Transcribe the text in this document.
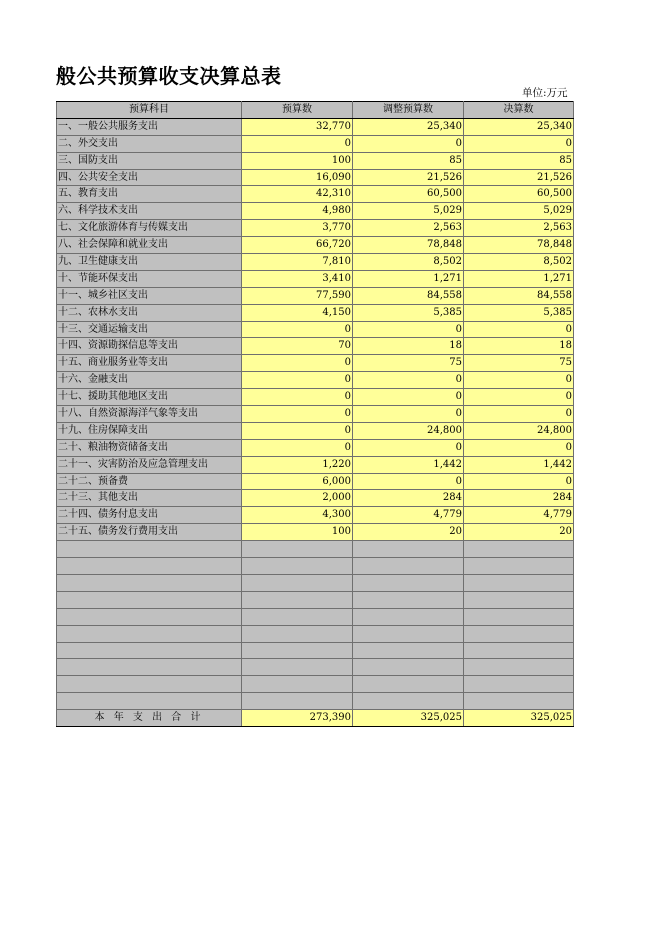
般公共预算收支决算总表
单位:万元
预算科目	预算数	调整预算数	决算数
一、一般公共服务支出	32,770	25,340	25,340
二、外交支出	0	0	0
三、国防支出	100	85	85
四、公共安全支出	16,090	21,526	21,526
五、教育支出	42,310	60,500	60,500
六、科学技术支出	4,980	5,029	5,029
七、文化旅游体育与传媒支出	3,770	2,563	2,563
八、社会保障和就业支出	66,720	78,848	78,848
九、卫生健康支出	7,810	8,502	8,502
十、节能环保支出	3,410	1,271	1,271
十一、城乡社区支出	77,590	84,558	84,558
十二、农林水支出	4,150	5,385	5,385
十三、交通运输支出	0	0	0
十四、资源勘探信息等支出	70	18	18
十五、商业服务业等支出	0	75	75
十六、金融支出	0	0	0
十七、援助其他地区支出	0	0	0
十八、自然资源海洋气象等支出	0	0	0
十九、住房保障支出	0	24,800	24,800
二十、粮油物资储备支出	0	0	0
二十一、灾害防治及应急管理支出	1,220	1,442	1,442
二十二、预备费	6,000	0	0
二十三、其他支出	2,000	284	284
二十四、债务付息支出	4,300	4,779	4,779
二十五、债务发行费用支出	100	20	20

本 年 支 出 合 计	273,390	325,025	325,025
